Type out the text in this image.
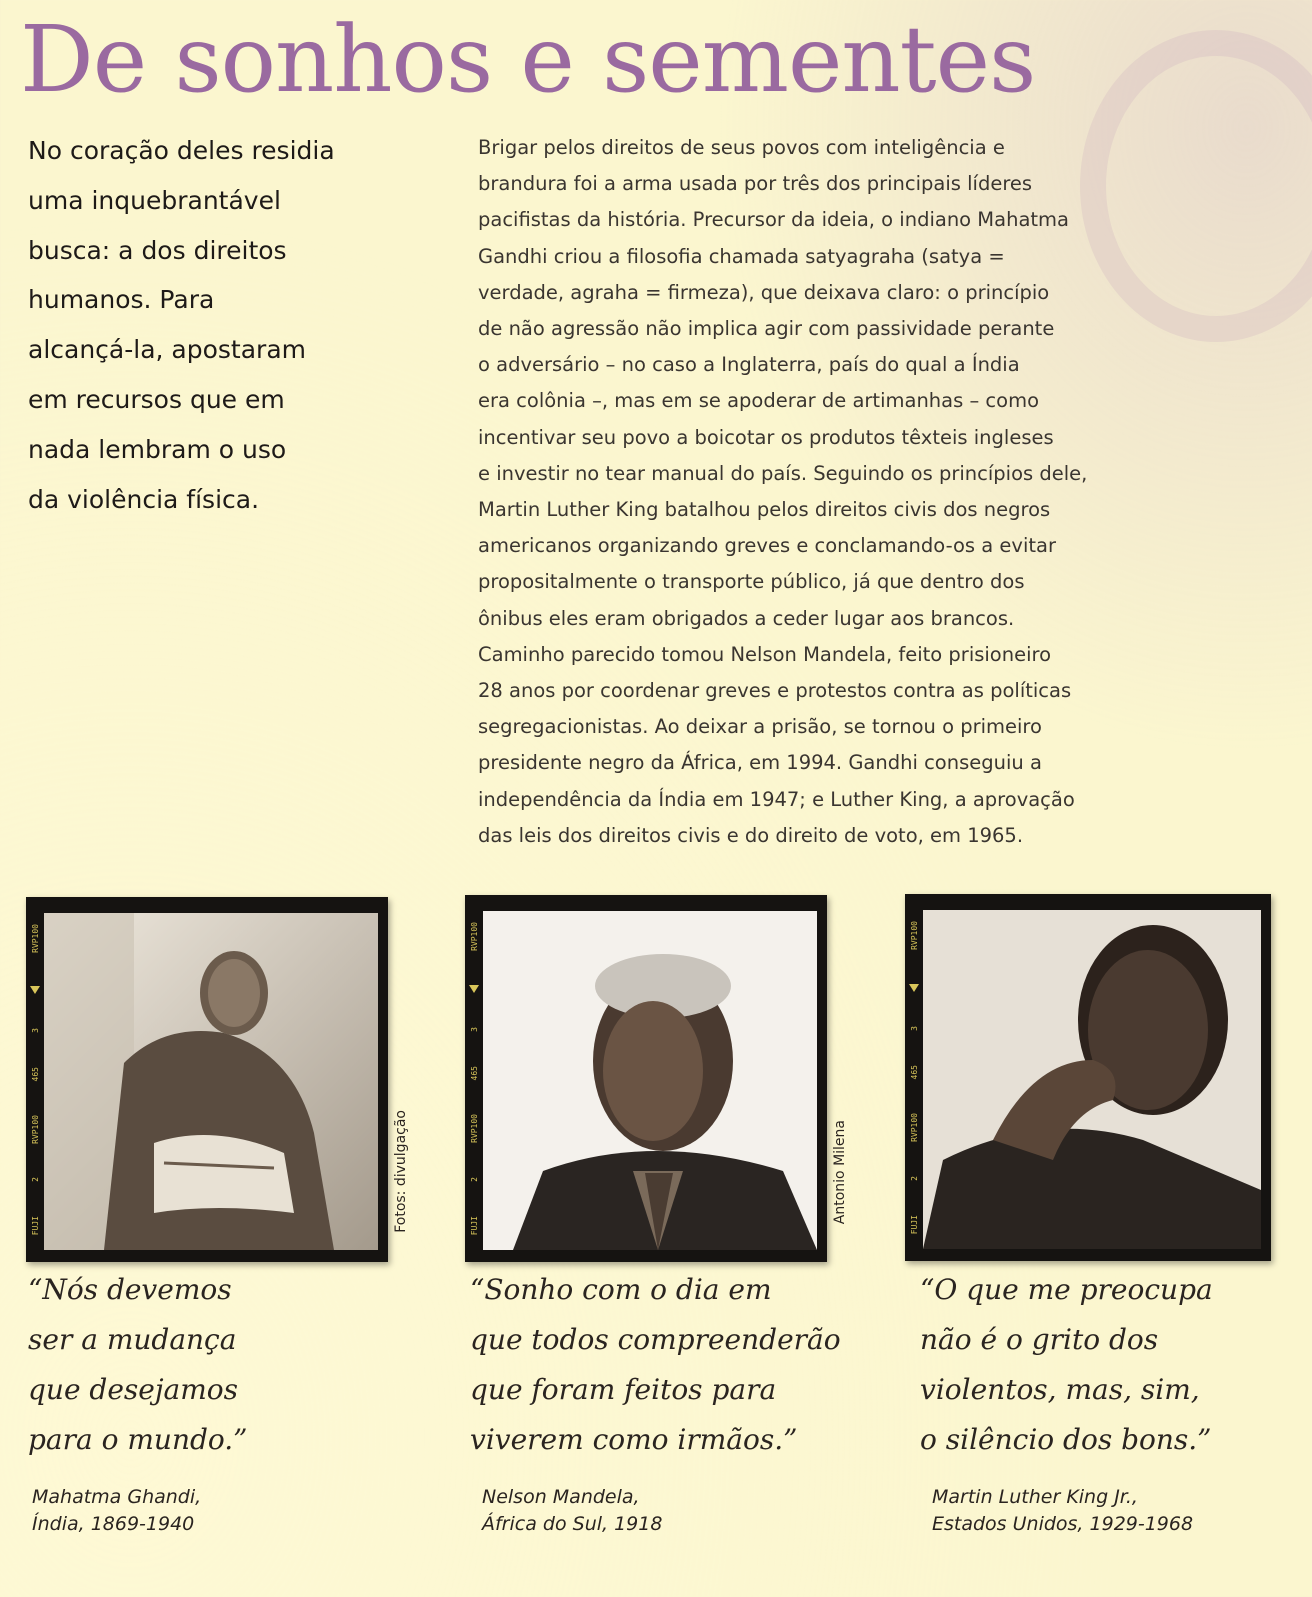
De sonhos e sementes

No coração deles residia
uma inquebrantável
busca: a dos direitos
humanos. Para
alcançá-la, apostaram
em recursos que em
nada lembram o uso
da violência física.

Brigar pelos direitos de seus povos com inteligência e
brandura foi a arma usada por três dos principais líderes
pacifistas da história. Precursor da ideia, o indiano Mahatma
Gandhi criou a filosofia chamada satyagraha (satya =
verdade, agraha = firmeza), que deixava claro: o princípio
de não agressão não implica agir com passividade perante
o adversário – no caso a Inglaterra, país do qual a Índia
era colônia –, mas em se apoderar de artimanhas – como
incentivar seu povo a boicotar os produtos têxteis ingleses
e investir no tear manual do país. Seguindo os princípios dele,
Martin Luther King batalhou pelos direitos civis dos negros
americanos organizando greves e conclamando-os a evitar
propositalmente o transporte público, já que dentro dos
ônibus eles eram obrigados a ceder lugar aos brancos.
Caminho parecido tomou Nelson Mandela, feito prisioneiro
28 anos por coordenar greves e protestos contra as políticas
segregacionistas. Ao deixar a prisão, se tornou o primeiro
presidente negro da África, em 1994. Gandhi conseguiu a
independência da Índia em 1947; e Luther King, a aprovação
das leis dos direitos civis e do direito de voto, em 1965.
RVP100
3
465
RVP100
2
FUJI	Fotos: divulgação
RVP100
3
465
RVP100
2
FUJI
Antonio Milena
RVP100
3
465
RVP100
2
FUJI

“Nós devemos
ser a mudança
que desejamos
para o mundo.”

Mahatma Ghandi,
Índia, 1869-1940

“Sonho com o dia em
que todos compreenderão
que foram feitos para
viverem como irmãos.”

Nelson Mandela,
África do Sul, 1918

“O que me preocupa
não é o grito dos
violentos, mas, sim,
o silêncio dos bons.”

Martin Luther King Jr.,
Estados Unidos, 1929-1968
